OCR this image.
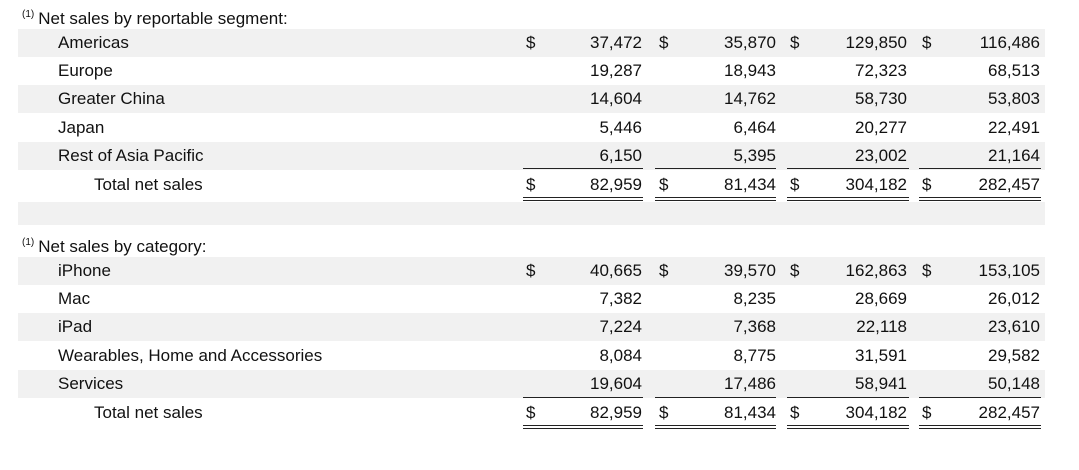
$^{(1)}$ Net sales by reportable segment:
Americas	$	37,472 $	35,870 $	129,850 $	116,486
Europe	19,287	18,943	72,323	68,513
Greater China	14,604	14,762	58,730	53,803
Japan	5,446	6,464	20,277	22,491
Rest of Asia Pacific	6,150	5,395	23,002	21,164
Total net sales	$	82,959 $	81,434 $	304,182 $	282,457
$^{(1)}$ Net sales by category:
iPhone	$	40,665 $	39,570 $	162,863 $	153,105
Mac	7,382	8,235	28,669	26,012
iPad	7,224	7,368	22,118	23,610
Wearables, Home and Accessories	8,084	8,775	31,591	29,582
Services	19,604	17,486	58,941	50,148
Total net sales	$	82,959 $	81,434 $	304,182 $	282,457
